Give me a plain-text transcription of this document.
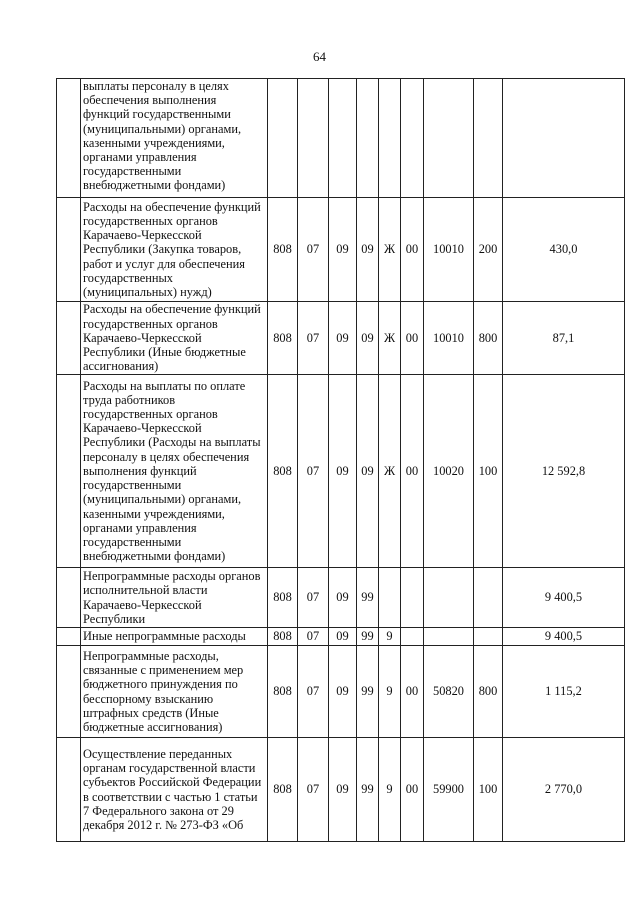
64
	выплаты персоналу в целях обеспечения выполнения функций государственными (муниципальными) органами, казенными учреждениями, органами управления государственными внебюджетными фондами)									
	Расходы на обеспечение функций государственных органов Карачаево-Черкесской Республики (Закупка товаров, работ и услуг для обеспечения государственных (муниципальных) нужд)	808	07	09	09	Ж	00	10010	200	430,0
	Расходы на обеспечение функций государственных органов Карачаево-Черкесской Республики (Иные бюджетные ассигнования)	808	07	09	09	Ж	00	10010	800	87,1
	Расходы на выплаты по оплате труда работников государственных органов Карачаево-Черкесской Республики (Расходы на выплаты персоналу в целях обеспечения выполнения функций государственными (муниципальными) органами, казенными учреждениями, органами управления государственными внебюджетными фондами)	808	07	09	09	Ж	00	10020	100	12 592,8
	Непрограммные расходы органов исполнительной власти Карачаево-Черкесской Республики	808	07	09	99					9 400,5
	Иные непрограммные расходы	808	07	09	99	9				9 400,5
	Непрограммные расходы, связанные с применением мер бюджетного принуждения по бесспорному взысканию штрафных средств (Иные бюджетные ассигнования)	808	07	09	99	9	00	50820	800	1 115,2
	Осуществление переданных органам государственной власти субъектов Российской Федерации в соответствии с частью 1 статьи 7 Федерального закона от 29 декабря 2012 г. № 273-ФЗ «Об	808	07	09	99	9	00	59900	100	2 770,0
